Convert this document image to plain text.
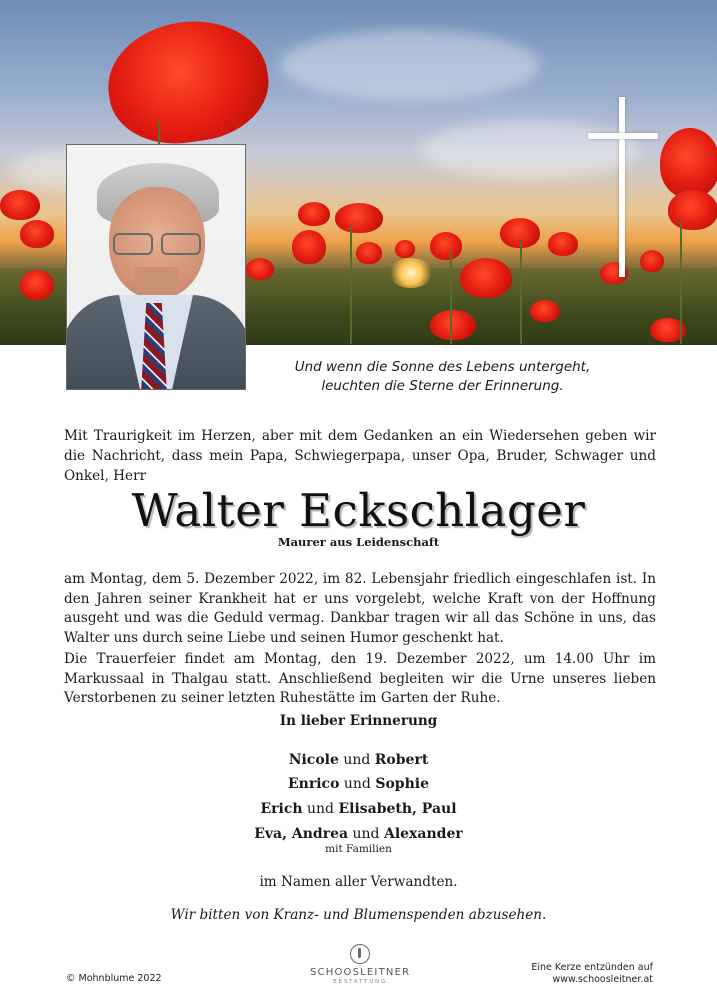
Und wenn die Sonne des Lebens untergeht,
leuchten die Sterne der Erinnerung.
Mit Traurigkeit im Herzen, aber mit dem Gedanken an ein Wiedersehen geben wir die Nachricht, dass mein Papa, Schwiegerpapa, unser Opa, Bruder, Schwager und Onkel, Herr
Walter Eckschlager
Maurer aus Leidenschaft
am Montag, dem 5. Dezember 2022, im 82. Lebensjahr friedlich eingeschlafen ist. In den Jahren seiner Krankheit hat er uns vorgelebt, welche Kraft von der Hoffnung ausgeht und was die Geduld vermag. Dankbar tragen wir all das Schöne in uns, das Walter uns durch seine Liebe und seinen Humor geschenkt hat.
Die Trauerfeier findet am Montag, den 19. Dezember 2022, um 14.00 Uhr im Markussaal in Thalgau statt. Anschließend begleiten wir die Urne unseres lieben Verstorbenen zu seiner letzten Ruhestätte im Garten der Ruhe.
In lieber Erinnerung
Nicole und Robert
Enrico und Sophie
Erich und Elisabeth, Paul
Eva, Andrea und Alexander
mit Familien
im Namen aller Verwandten.
Wir bitten von Kranz- und Blumenspenden abzusehen.
© Mohnblume 2022
SCHOOSLEITNER
BESTATTUNG
Eine Kerze entzünden auf
www.schoosleitner.at
